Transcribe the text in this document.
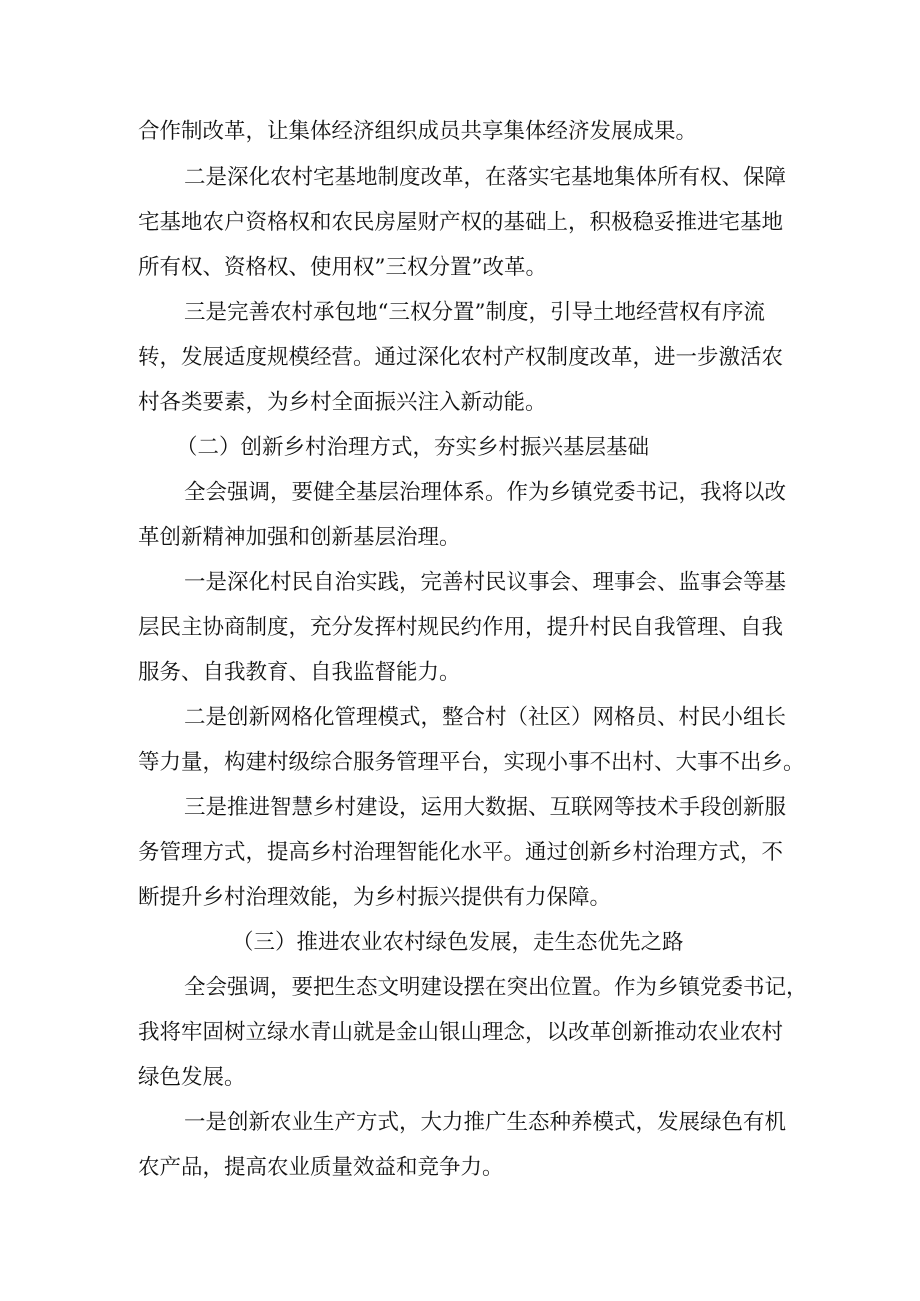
合作制改革，让集体经济组织成员共享集体经济发展成果。
二是深化农村宅基地制度改革，在落实宅基地集体所有权、保障
宅基地农户资格权和农民房屋财产权的基础上，积极稳妥推进宅基地
所有权、资格权、使用权”三权分置”改革。
三是完善农村承包地“三权分置”制度，引导土地经营权有序流
转，发展适度规模经营。通过深化农村产权制度改革，进一步激活农
村各类要素，为乡村全面振兴注入新动能。
（二）创新乡村治理方式，夯实乡村振兴基层基础
全会强调，要健全基层治理体系。作为乡镇党委书记，我将以改
革创新精神加强和创新基层治理。
一是深化村民自治实践，完善村民议事会、理事会、监事会等基
层民主协商制度，充分发挥村规民约作用，提升村民自我管理、自我
服务、自我教育、自我监督能力。
二是创新网格化管理模式，整合村（社区）网格员、村民小组长
等力量，构建村级综合服务管理平台，实现小事不出村、大事不出乡。
三是推进智慧乡村建设，运用大数据、互联网等技术手段创新服
务管理方式，提高乡村治理智能化水平。通过创新乡村治理方式，不
断提升乡村治理效能，为乡村振兴提供有力保障。
（三）推进农业农村绿色发展，走生态优先之路
全会强调，要把生态文明建设摆在突出位置。作为乡镇党委书记，
我将牢固树立绿水青山就是金山银山理念，以改革创新推动农业农村
绿色发展。
一是创新农业生产方式，大力推广生态种养模式，发展绿色有机
农产品，提高农业质量效益和竞争力。
